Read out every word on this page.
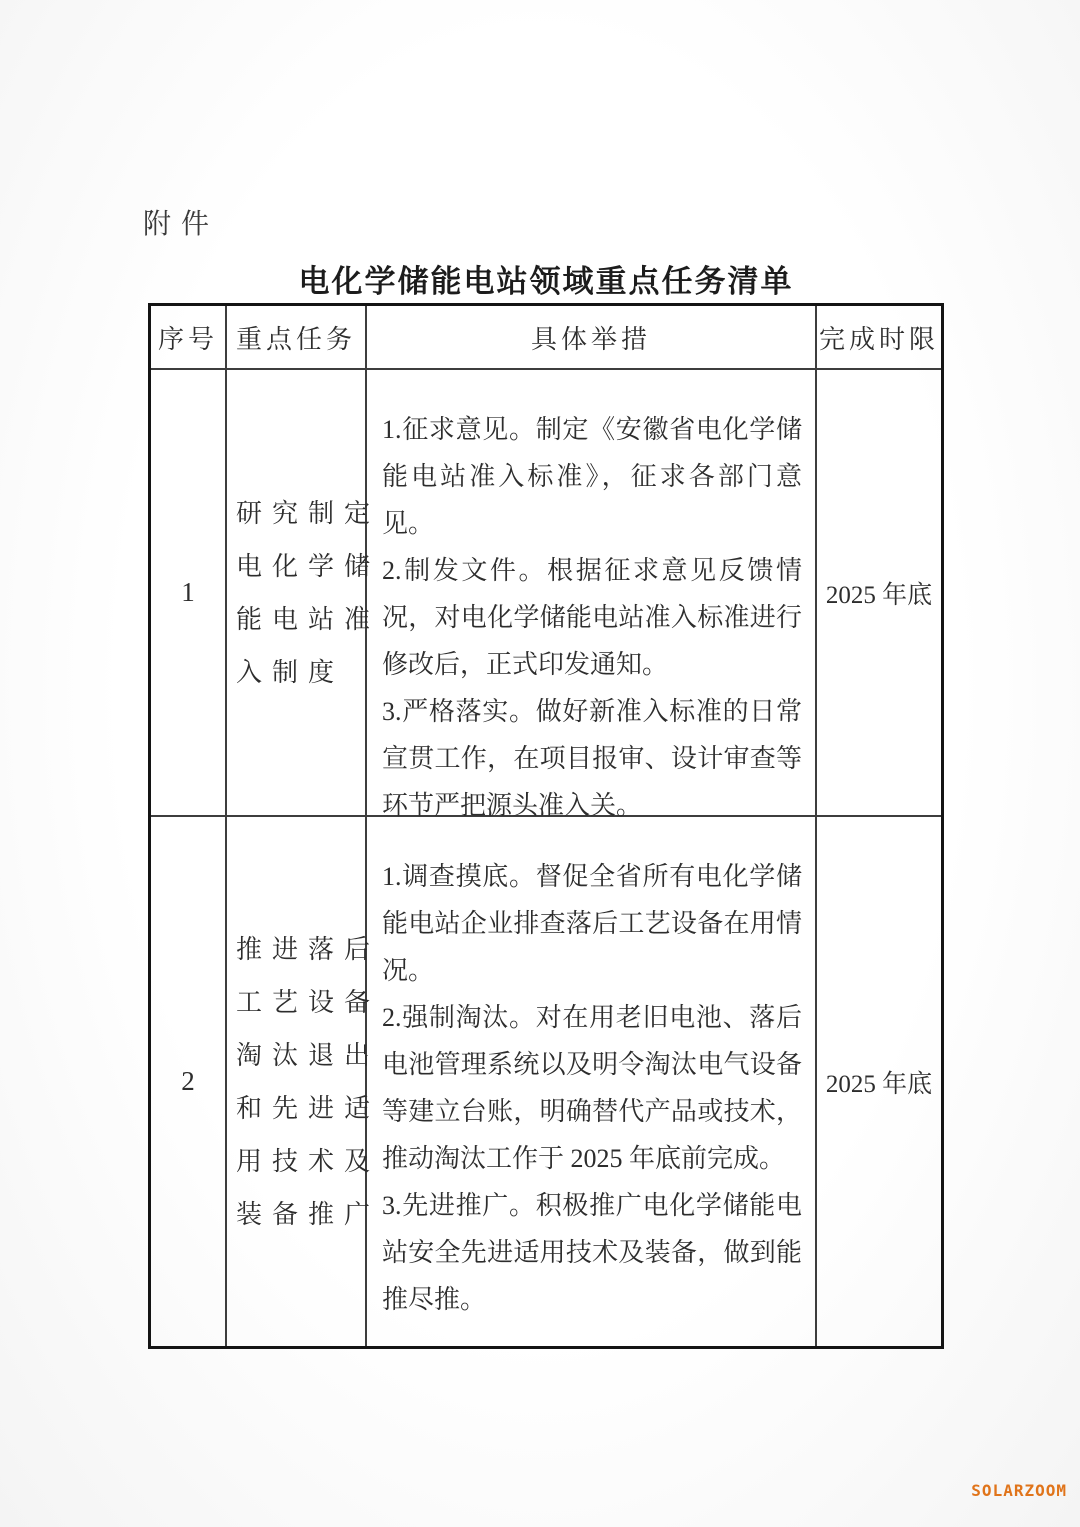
附件
电化学储能电站领域重点任务清单
序号 重点任务	具体举措	完成时限
1
研究制定
电化学储
能电站准
入制度

1.征求意见。制定《安徽省电化学储能电站准入标准》，征求各部门意见。

2.制发文件。根据征求意见反馈情况，对电化学储能电站准入标准进行修改后，正式印发通知。

3.严格落实。做好新准入标准的日常宣贯工作，在项目报审、设计审查等环节严把源头准入关。

2025 年底
2
推进落后
工艺设备
淘汰退出
和先进适
用技术及
装备推广

1.调查摸底。督促全省所有电化学储能电站企业排查落后工艺设备在用情况。

2.强制淘汰。对在用老旧电池、落后电池管理系统以及明令淘汰电气设备等建立台账，明确替代产品或技术，推动淘汰工作于 2025 年底前完成。

3.先进推广。积极推广电化学储能电站安全先进适用技术及装备，做到能推尽推。

2025 年底
SOLARZOOM
